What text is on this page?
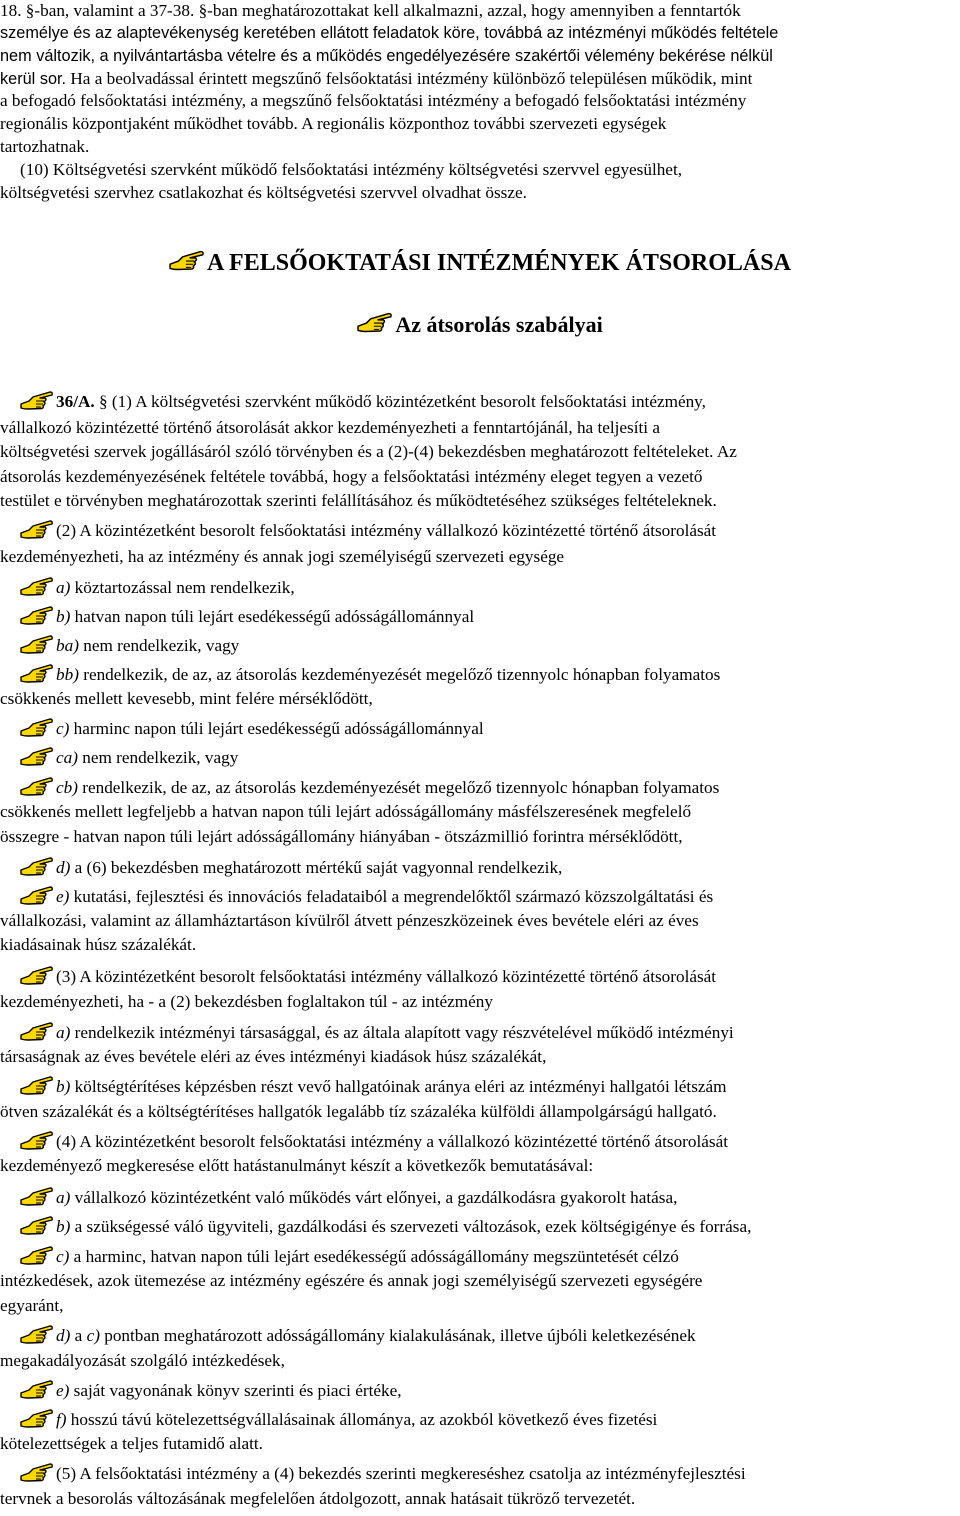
18. §-ban, valamint a 37-38. §-ban meghatározottakat kell alkalmazni, azzal, hogy amennyiben a fenntartók
személye és az alaptevékenység keretében ellátott feladatok köre, továbbá az intézményi működés feltétele
nem változik, a nyilvántartásba vételre és a működés engedélyezésére szakértői vélemény bekérése nélkül
kerül sor. Ha a beolvadással érintett megszűnő felsőoktatási intézmény különböző településen működik, mint
a befogadó felsőoktatási intézmény, a megszűnő felsőoktatási intézmény a befogadó felsőoktatási intézmény
regionális központjaként működhet tovább. A regionális központhoz további szervezeti egységek
tartozhatnak.
(10) Költségvetési szervként működő felsőoktatási intézmény költségvetési szervvel egyesülhet,
költségvetési szervhez csatlakozhat és költségvetési szervvel olvadhat össze.
A FELSŐOKTATÁSI INTÉZMÉNYEK ÁTSOROLÁSA
Az átsorolás szabályai
36/A. § (1) A költségvetési szervként működő közintézetként besorolt felsőoktatási intézmény,
vállalkozó közintézetté történő átsorolását akkor kezdeményezheti a fenntartójánál, ha teljesíti a
költségvetési szervek jogállásáról szóló törvényben és a (2)-(4) bekezdésben meghatározott feltételeket. Az
átsorolás kezdeményezésének feltétele továbbá, hogy a felsőoktatási intézmény eleget tegyen a vezető
testület e törvényben meghatározottak szerinti felállításához és működtetéséhez szükséges feltételeknek.
(2) A közintézetként besorolt felsőoktatási intézmény vállalkozó közintézetté történő átsorolását
kezdeményezheti, ha az intézmény és annak jogi személyiségű szervezeti egysége
a) köztartozással nem rendelkezik,
b) hatvan napon túli lejárt esedékességű adósságállománnyal
ba) nem rendelkezik, vagy
bb) rendelkezik, de az, az átsorolás kezdeményezését megelőző tizennyolc hónapban folyamatos
csökkenés mellett kevesebb, mint felére mérséklődött,
c) harminc napon túli lejárt esedékességű adósságállománnyal
ca) nem rendelkezik, vagy
cb) rendelkezik, de az, az átsorolás kezdeményezését megelőző tizennyolc hónapban folyamatos
csökkenés mellett legfeljebb a hatvan napon túli lejárt adósságállomány másfélszeresének megfelelő
összegre - hatvan napon túli lejárt adósságállomány hiányában - ötszázmillió forintra mérséklődött,
d) a (6) bekezdésben meghatározott mértékű saját vagyonnal rendelkezik,
e) kutatási, fejlesztési és innovációs feladataiból a megrendelőktől származó közszolgáltatási és
vállalkozási, valamint az államháztartáson kívülről átvett pénzeszközeinek éves bevétele eléri az éves
kiadásainak húsz százalékát.
(3) A közintézetként besorolt felsőoktatási intézmény vállalkozó közintézetté történő átsorolását
kezdeményezheti, ha - a (2) bekezdésben foglaltakon túl - az intézmény
a) rendelkezik intézményi társasággal, és az általa alapított vagy részvételével működő intézményi
társaságnak az éves bevétele eléri az éves intézményi kiadások húsz százalékát,
b) költségtérítéses képzésben részt vevő hallgatóinak aránya eléri az intézményi hallgatói létszám
ötven százalékát és a költségtérítéses hallgatók legalább tíz százaléka külföldi állampolgárságú hallgató.
(4) A közintézetként besorolt felsőoktatási intézmény a vállalkozó közintézetté történő átsorolását
kezdeményező megkeresése előtt hatástanulmányt készít a következők bemutatásával:
a) vállalkozó közintézetként való működés várt előnyei, a gazdálkodásra gyakorolt hatása,
b) a szükségessé váló ügyviteli, gazdálkodási és szervezeti változások, ezek költségigénye és forrása,
c) a harminc, hatvan napon túli lejárt esedékességű adósságállomány megszüntetését célzó
intézkedések, azok ütemezése az intézmény egészére és annak jogi személyiségű szervezeti egységére
egyaránt,
d) a c) pontban meghatározott adósságállomány kialakulásának, illetve újbóli keletkezésének
megakadályozását szolgáló intézkedések,
e) saját vagyonának könyv szerinti és piaci értéke,
f) hosszú távú kötelezettségvállalásainak állománya, az azokból következő éves fizetési
kötelezettségek a teljes futamidő alatt.
(5) A felsőoktatási intézmény a (4) bekezdés szerinti megkereséshez csatolja az intézményfejlesztési
tervnek a besorolás változásának megfelelően átdolgozott, annak hatásait tükröző tervezetét.
